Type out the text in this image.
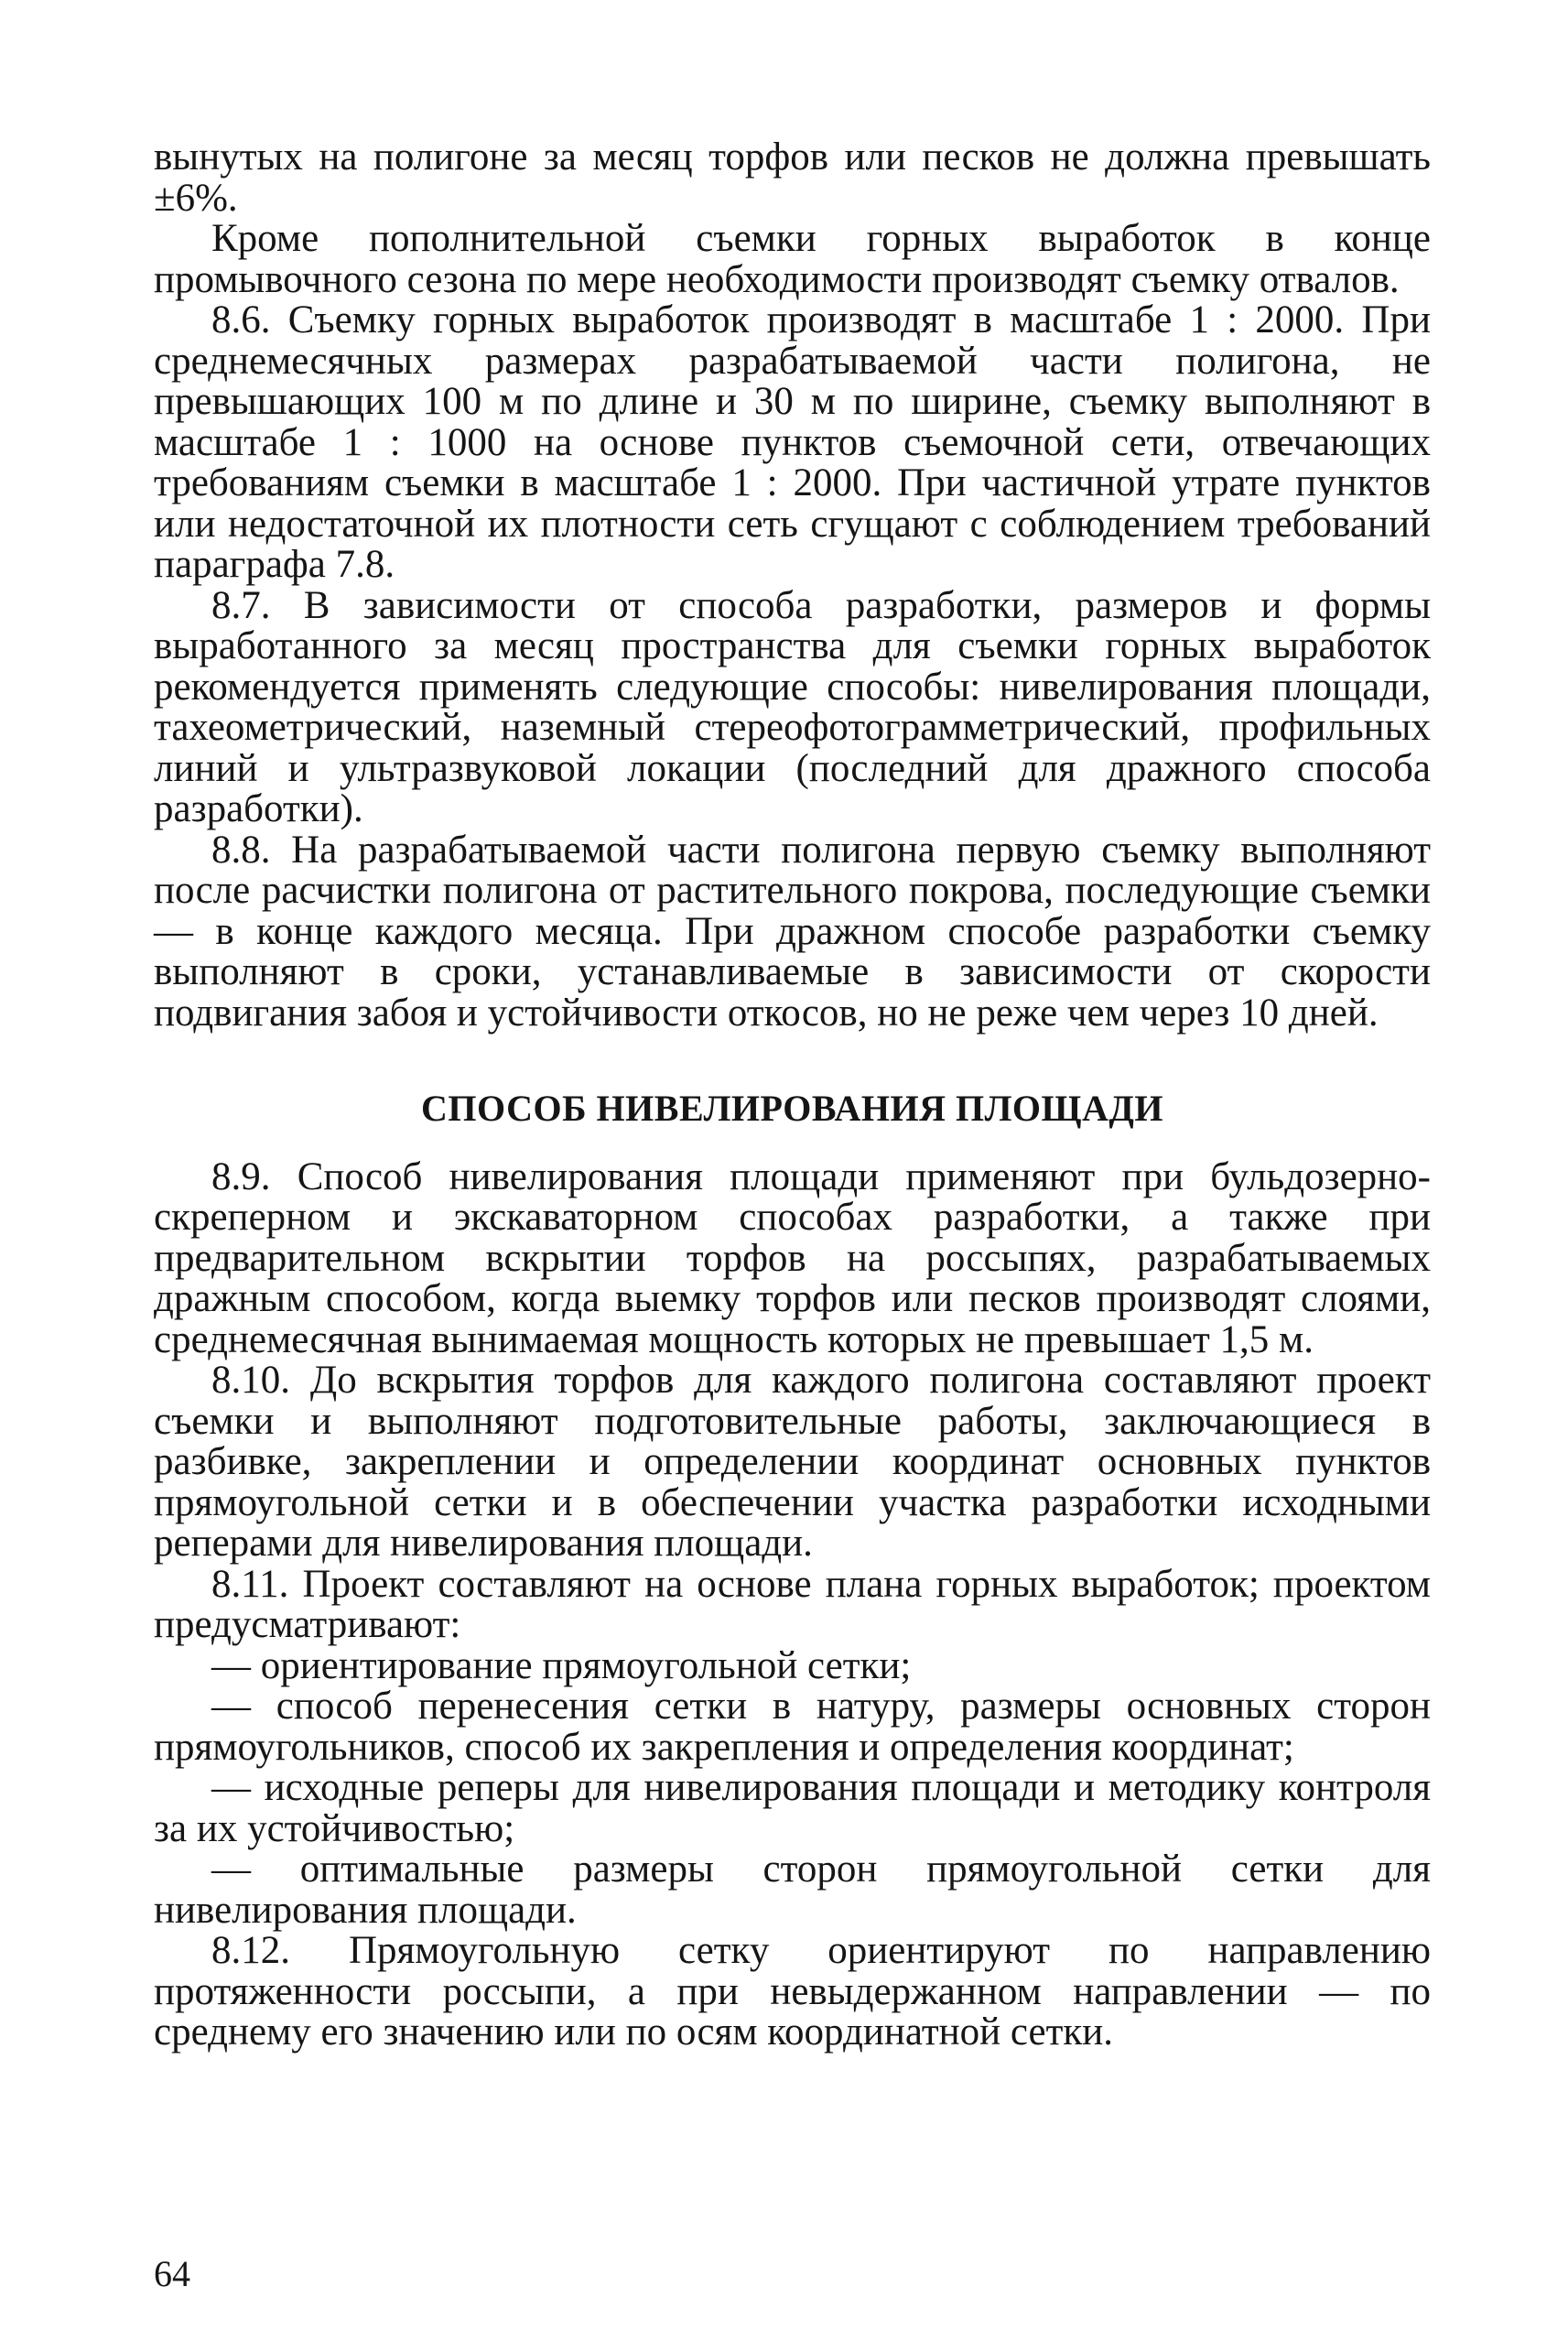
вынутых на полигоне за месяц торфов или песков не должна превышать ±6%.

Кроме пополнительной съемки горных выработок в конце промывочного сезона по мере необходимости производят съемку отвалов.

8.6. Съемку горных выработок производят в масштабе 1 : 2000. При среднемесячных размерах разрабатываемой части полигона, не превышающих 100 м по длине и 30 м по ширине, съемку выполняют в масштабе 1 : 1000 на основе пунктов съемочной сети, отвечающих требованиям съемки в масштабе 1 : 2000. При частичной утрате пунктов или недостаточной их плотности сеть сгущают с соблюдением требований параграфа 7.8.

8.7. В зависимости от способа разработки, размеров и формы выработанного за месяц пространства для съемки горных выработок рекомендуется применять следующие способы: нивелирования площади, тахеометрический, наземный стереофотограмметрический, профильных линий и ультразвуковой локации (последний для дражного способа разработки).

8.8. На разрабатываемой части полигона первую съемку выполняют после расчистки полигона от растительного покрова, последующие съемки — в конце каждого месяца. При дражном способе разработки съемку выполняют в сроки, устанавливаемые в зависимости от скорости подвигания забоя и устойчивости откосов, но не реже чем через 10 дней.

СПОСОБ НИВЕЛИРОВАНИЯ ПЛОЩАДИ

8.9. Способ нивелирования площади применяют при бульдозерно-скреперном и экскаваторном способах разработки, а также при предварительном вскрытии торфов на россыпях, разрабатываемых дражным способом, когда выемку торфов или песков производят слоями, среднемесячная вынимаемая мощность которых не превышает 1,5 м.

8.10. До вскрытия торфов для каждого полигона составляют проект съемки и выполняют подготовительные работы, заключающиеся в разбивке, закреплении и определении координат основных пунктов прямоугольной сетки и в обеспечении участка разработки исходными реперами для нивелирования площади.

8.11. Проект составляют на основе плана горных выработок; проектом предусматривают:

— ориентирование прямоугольной сетки;

— способ перенесения сетки в натуру, размеры основных сторон прямоугольников, способ их закрепления и определения координат;

— исходные реперы для нивелирования площади и методику контроля за их устойчивостью;

— оптимальные размеры сторон прямоугольной сетки для нивелирования площади.

8.12. Прямоугольную сетку ориентируют по направлению протяженности россыпи, а при невыдержанном направлении — по среднему его значению или по осям координатной сетки.

64
